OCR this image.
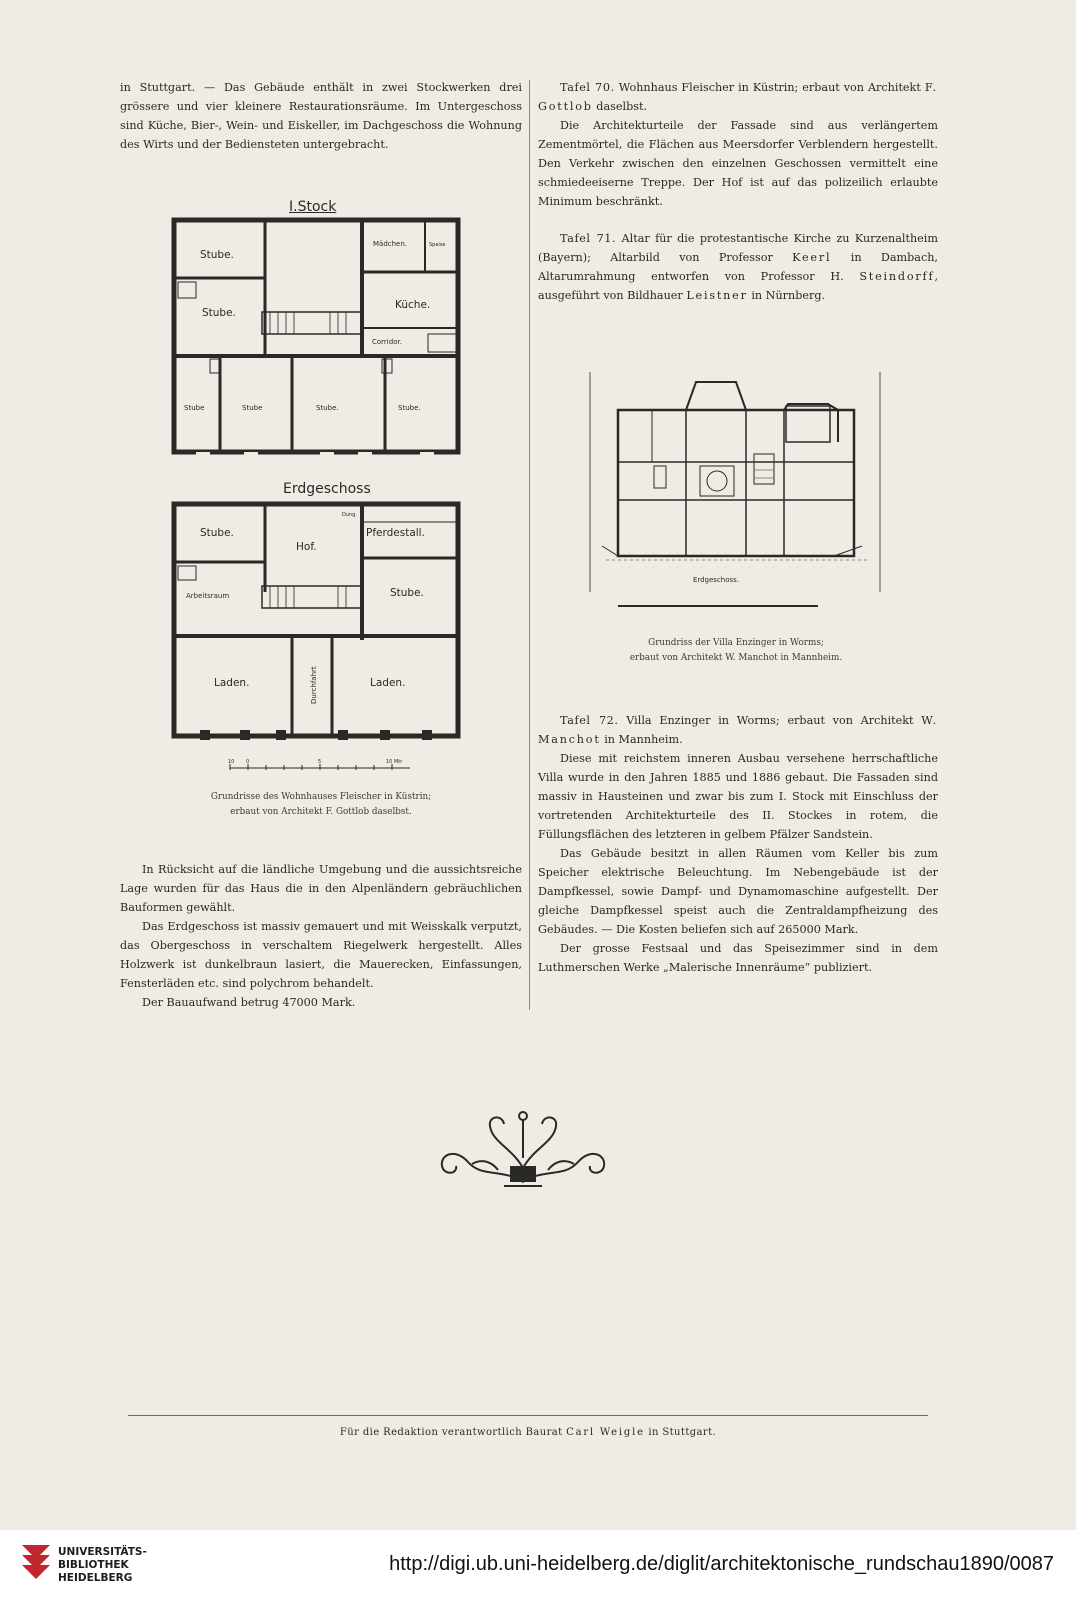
in Stuttgart. — Das Gebäude enthält in zwei Stockwerken drei grössere und vier kleinere Restaurationsräume. Im Untergeschoss sind Küche, Bier-, Wein- und Eiskeller, im Dachgeschoss die Wohnung des Wirts und der Bediensteten untergebracht.

I.Stock
Stube.
Stube.
Mädchen.	Speise
Küche.
Corridor.
Stube	Stube	Stube.	Stube.
Erdgeschoss
Stube.
Hof.
Dung.
Pferdestall.
Arbeitsraum	Stube.
Laden.	Durchfahrt	Laden.
10 0	5	10 Mtr
Grundrisse des Wohnhauses Fleischer in Küstrin;
erbaut von Architekt F. Gottlob daselbst.

In Rücksicht auf die ländliche Umgebung und die aussichtsreiche Lage wurden für das Haus die in den Alpenländern gebräuchlichen Bauformen gewählt.

Das Erdgeschoss ist massiv gemauert und mit Weisskalk verputzt, das Obergeschoss in verschaltem Riegelwerk hergestellt. Alles Holzwerk ist dunkelbraun lasiert, die Mauerecken, Einfassungen, Fensterläden etc. sind polychrom behandelt.

Der Bauaufwand betrug 47000 Mark.

Tafel 70. Wohnhaus Fleischer in Küstrin; erbaut von Architekt F. Gottlob daselbst.

Die Architekturteile der Fassade sind aus verlängertem Zementmörtel, die Flächen aus Meersdorfer Verblendern hergestellt. Den Verkehr zwischen den einzelnen Geschossen vermittelt eine schmiedeeiserne Treppe. Der Hof ist auf das polizeilich erlaubte Minimum beschränkt.

Tafel 71. Altar für die protestantische Kirche zu Kurzenaltheim (Bayern); Altarbild von Professor Keerl in Dambach, Altarumrahmung entworfen von Professor H. Steindorff, ausgeführt von Bildhauer Leistner in Nürnberg.

Erdgeschoss.
Grundriss der Villa Enzinger in Worms;
erbaut von Architekt W. Manchot in Mannheim.

Tafel 72. Villa Enzinger in Worms; erbaut von Architekt W. Manchot in Mannheim.

Diese mit reichstem inneren Ausbau versehene herrschaftliche Villa wurde in den Jahren 1885 und 1886 gebaut. Die Fassaden sind massiv in Hausteinen und zwar bis zum I. Stock mit Einschluss der vortretenden Architekturteile des II. Stockes in rotem, die Füllungsflächen des letzteren in gelbem Pfälzer Sandstein.

Das Gebäude besitzt in allen Räumen vom Keller bis zum Speicher elektrische Beleuchtung. Im Nebengebäude ist der Dampfkessel, sowie Dampf- und Dynamomaschine aufgestellt. Der gleiche Dampfkessel speist auch die Zentraldampfheizung des Gebäudes. — Die Kosten beliefen sich auf 265000 Mark.

Der grosse Festsaal und das Speisezimmer sind in dem Luthmerschen Werke „Malerische Innenräume“ publiziert.

Für die Redaktion verantwortlich Baurat Carl Weigle in Stuttgart.
UNIVERSITÄTS-
BIBLIOTHEK
HEIDELBERG
http://digi.ub.uni-heidelberg.de/diglit/architektonische_rundschau1890/0087
